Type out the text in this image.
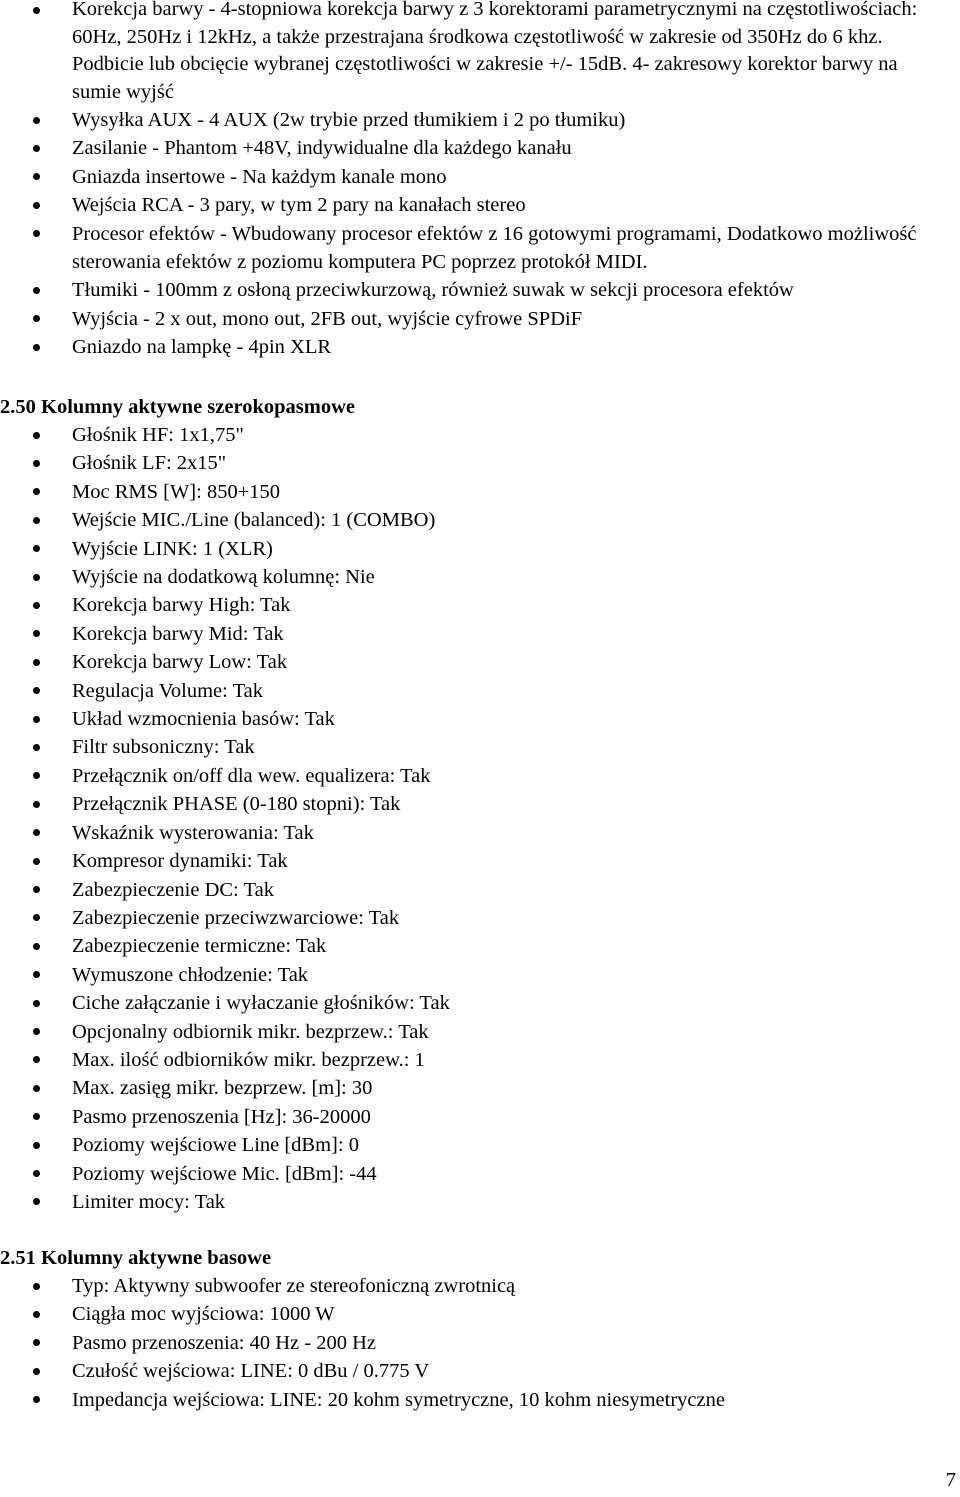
Korekcja barwy - 4-stopniowa korekcja barwy z 3 korektorami parametrycznymi na częstotliwościach: 60Hz, 250Hz i 12kHz, a także przestrajana środkowa częstotliwość w zakresie od 350Hz do 6 khz. Podbicie lub obcięcie wybranej częstotliwości w zakresie +/- 15dB. 4- zakresowy korektor barwy na sumie wyjść
Wysyłka AUX - 4 AUX (2w trybie przed tłumikiem i 2 po tłumiku)
Zasilanie - Phantom +48V, indywidualne dla każdego kanału
Gniazda insertowe - Na każdym kanale mono
Wejścia RCA - 3 pary, w tym 2 pary na kanałach stereo
Procesor efektów - Wbudowany procesor efektów z 16 gotowymi programami, Dodatkowo możliwość sterowania efektów z poziomu komputera PC poprzez protokół MIDI.
Tłumiki - 100mm z osłoną przeciwkurzową, również suwak w sekcji procesora efektów
Wyjścia - 2 x out, mono out, 2FB out, wyjście cyfrowe SPDiF
Gniazdo na lampkę - 4pin XLR
2.50 Kolumny aktywne szerokopasmowe
Głośnik HF: 1x1,75"
Głośnik LF: 2x15"
Moc RMS [W]: 850+150
Wejście MIC./Line (balanced): 1 (COMBO)
Wyjście LINK: 1 (XLR)
Wyjście na dodatkową kolumnę: Nie
Korekcja barwy High: Tak
Korekcja barwy Mid: Tak
Korekcja barwy Low: Tak
Regulacja Volume: Tak
Układ wzmocnienia basów: Tak
Filtr subsoniczny: Tak
Przełącznik on/off dla wew. equalizera: Tak
Przełącznik PHASE (0-180 stopni): Tak
Wskaźnik wysterowania: Tak
Kompresor dynamiki: Tak
Zabezpieczenie DC: Tak
Zabezpieczenie przeciwzwarciowe: Tak
Zabezpieczenie termiczne: Tak
Wymuszone chłodzenie: Tak
Ciche załączanie i wyłaczanie głośników: Tak
Opcjonalny odbiornik mikr. bezprzew.: Tak
Max. ilość odbiorników mikr. bezprzew.: 1
Max. zasięg mikr. bezprzew. [m]: 30
Pasmo przenoszenia [Hz]: 36-20000
Poziomy wejściowe Line [dBm]: 0
Poziomy wejściowe Mic. [dBm]: -44
Limiter mocy: Tak
2.51 Kolumny aktywne basowe
Typ: Aktywny subwoofer ze stereofoniczną zwrotnicą
Ciągła moc wyjściowa: 1000 W
Pasmo przenoszenia: 40 Hz - 200 Hz
Czułość wejściowa: LINE: 0 dBu / 0.775 V
Impedancja wejściowa: LINE: 20 kohm symetryczne, 10 kohm niesymetryczne
7
